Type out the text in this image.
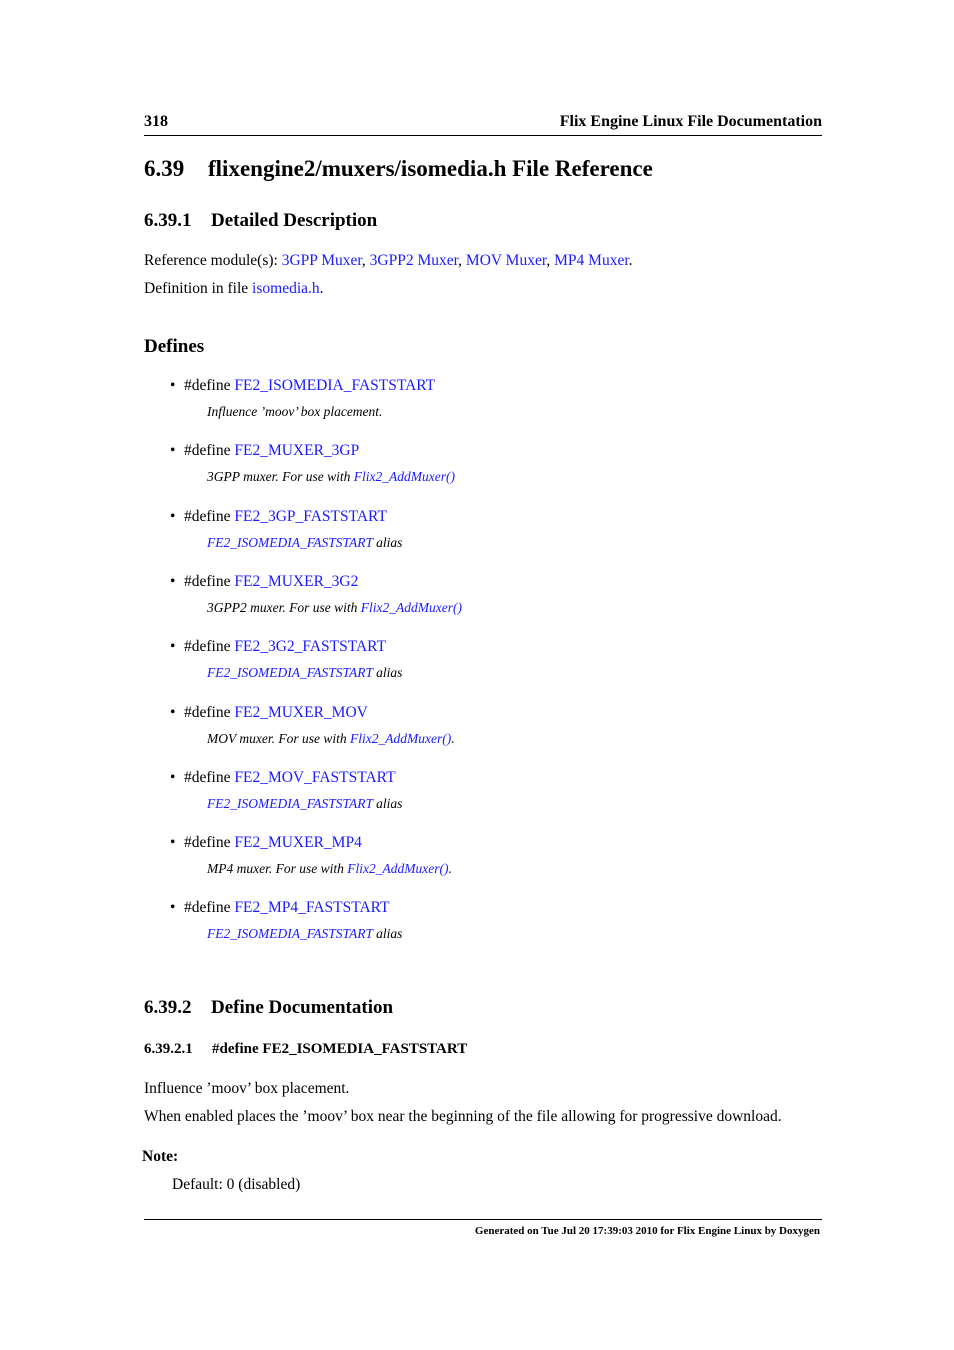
318	Flix Engine Linux File Documentation
6.39 flixengine2/muxers/isomedia.h File Reference
6.39.1 Detailed Description
Reference module(s): 3GPP Muxer, 3GPP2 Muxer, MOV Muxer, MP4 Muxer.
Definition in file isomedia.h.
Defines
• #define FE2_ISOMEDIA_FASTSTART
Influence ’moov’ box placement.
• #define FE2_MUXER_3GP
3GPP muxer. For use with Flix2_AddMuxer()
• #define FE2_3GP_FASTSTART
FE2_ISOMEDIA_FASTSTART alias
• #define FE2_MUXER_3G2
3GPP2 muxer. For use with Flix2_AddMuxer()
• #define FE2_3G2_FASTSTART
FE2_ISOMEDIA_FASTSTART alias
• #define FE2_MUXER_MOV
MOV muxer. For use with Flix2_AddMuxer().
• #define FE2_MOV_FASTSTART
FE2_ISOMEDIA_FASTSTART alias
• #define FE2_MUXER_MP4
MP4 muxer. For use with Flix2_AddMuxer().
• #define FE2_MP4_FASTSTART
FE2_ISOMEDIA_FASTSTART alias
6.39.2 Define Documentation
6.39.2.1 #define FE2_ISOMEDIA_FASTSTART
Influence ’moov’ box placement.
When enabled places the ’moov’ box near the beginning of the file allowing for progressive download.
Note:
Default: 0 (disabled)
Generated on Tue Jul 20 17:39:03 2010 for Flix Engine Linux by Doxygen
